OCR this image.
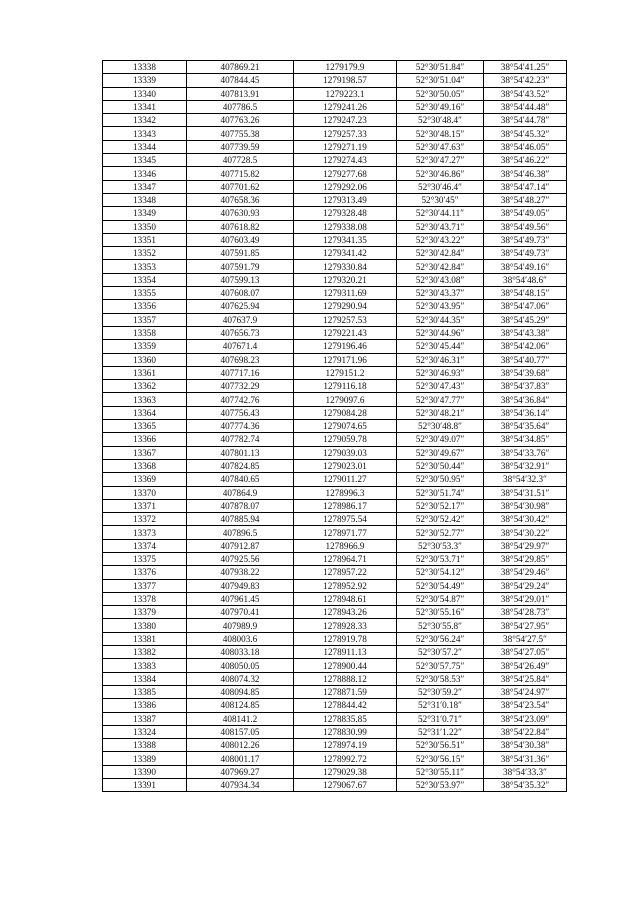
13338	407869.21	1279179.9	52°30′51.84″	38°54′41.25″
13339	407844.45	1279198.57	52°30′51.04″	38°54′42.23″
13340	407813.91	1279223.1	52°30′50.05″	38°54′43.52″
13341	407786.5	1279241.26	52°30′49.16″	38°54′44.48″
13342	407763.26	1279247.23	52°30′48.4″	38°54′44.78″
13343	407755.38	1279257.33	52°30′48.15″	38°54′45.32″
13344	407739.59	1279271.19	52°30′47.63″	38°54′46.05″
13345	407728.5	1279274.43	52°30′47.27″	38°54′46.22″
13346	407715.82	1279277.68	52°30′46.86″	38°54′46.38″
13347	407701.62	1279292.06	52°30′46.4″	38°54′47.14″
13348	407658.36	1279313.49	52°30′45″	38°54′48.27″
13349	407630.93	1279328.48	52°30′44.11″	38°54′49.05″
13350	407618.82	1279338.08	52°30′43.71″	38°54′49.56″
13351	407603.49	1279341.35	52°30′43.22″	38°54′49.73″
13352	407591.85	1279341.42	52°30′42.84″	38°54′49.73″
13353	407591.79	1279330.84	52°30′42.84″	38°54′49.16″
13354	407599.13	1279320.21	52°30′43.08″	38°54′48.6″
13355	407608.07	1279311.69	52°30′43.37″	38°54′48.15″
13356	407625.94	1279290.94	52°30′43.95″	38°54′47.06″
13357	407637.9	1279257.53	52°30′44.35″	38°54′45.29″
13358	407656.73	1279221.43	52°30′44.96″	38°54′43.38″
13359	407671.4	1279196.46	52°30′45.44″	38°54′42.06″
13360	407698.23	1279171.96	52°30′46.31″	38°54′40.77″
13361	407717.16	1279151.2	52°30′46.93″	38°54′39.68″
13362	407732.29	1279116.18	52°30′47.43″	38°54′37.83″
13363	407742.76	1279097.6	52°30′47.77″	38°54′36.84″
13364	407756.43	1279084.28	52°30′48.21″	38°54′36.14″
13365	407774.36	1279074.65	52°30′48.8″	38°54′35.64″
13366	407782.74	1279059.78	52°30′49.07″	38°54′34.85″
13367	407801.13	1279039.03	52°30′49.67″	38°54′33.76″
13368	407824.85	1279023.01	52°30′50.44″	38°54′32.91″
13369	407840.65	1279011.27	52°30′50.95″	38°54′32.3″
13370	407864.9	1278996.3	52°30′51.74″	38°54′31.51″
13371	407878.07	1278986.17	52°30′52.17″	38°54′30.98″
13372	407885.94	1278975.54	52°30′52.42″	38°54′30.42″
13373	407896.5	1278971.77	52°30′52.77″	38°54′30.22″
13374	407912.87	1278966.9	52°30′53.3″	38°54′29.97″
13375	407925.56	1278964.71	52°30′53.71″	38°54′29.85″
13376	407938.22	1278957.22	52°30′54.12″	38°54′29.46″
13377	407949.83	1278952.92	52°30′54.49″	38°54′29.24″
13378	407961.45	1278948.61	52°30′54.87″	38°54′29.01″
13379	407970.41	1278943.26	52°30′55.16″	38°54′28.73″
13380	407989.9	1278928.33	52°30′55.8″	38°54′27.95″
13381	408003.6	1278919.78	52°30′56.24″	38°54′27.5″
13382	408033.18	1278911.13	52°30′57.2″	38°54′27.05″
13383	408050.05	1278900.44	52°30′57.75″	38°54′26.49″
13384	408074.32	1278888.12	52°30′58.53″	38°54′25.84″
13385	408094.85	1278871.59	52°30′59.2″	38°54′24.97″
13386	408124.85	1278844.42	52°31′0.18″	38°54′23.54″
13387	408141.2	1278835.85	52°31′0.71″	38°54′23.09″
13324	408157.05	1278830.99	52°31′1.22″	38°54′22.84″
13388	408012.26	1278974.19	52°30′56.51″	38°54′30.38″
13389	408001.17	1278992.72	52°30′56.15″	38°54′31.36″
13390	407969.27	1279029.38	52°30′55.11″	38°54′33.3″
13391	407934.34	1279067.67	52°30′53.97″	38°54′35.32″
